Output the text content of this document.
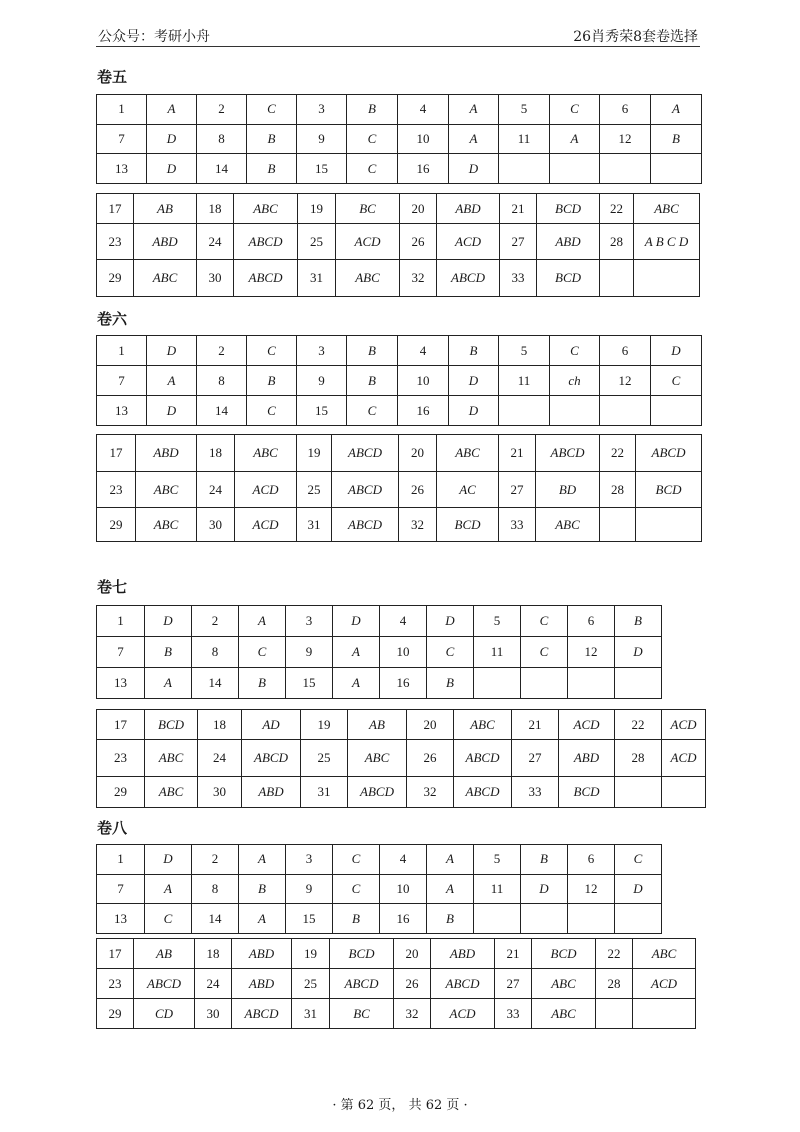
公众号：考研小舟	26肖秀荣8套卷选择
卷五
1	A	2	C	3	B	4	A	5	C	6	A
7	D	8	B	9	C	10	A	11	A	12	B
13	D	14	B	15	C	16	D				
17	AB	18	ABC	19	BC	20	ABD	21	BCD	22	ABC
23	ABD	24	ABCD	25	ACD	26	ACD	27	ABD	28	A B C D
29	ABC	30	ABCD	31	ABC	32	ABCD	33	BCD		
卷六
1	D	2	C	3	B	4	B	5	C	6	D
7	A	8	B	9	B	10	D	11	ch	12	C
13	D	14	C	15	C	16	D				
17	ABD	18	ABC	19	ABCD	20	ABC	21	ABCD	22	ABCD
23	ABC	24	ACD	25	ABCD	26	AC	27	BD	28	BCD
29	ABC	30	ACD	31	ABCD	32	BCD	33	ABC		
卷七
1	D	2	A	3	D	4	D	5	C	6	B
7	B	8	C	9	A	10	C	11	C	12	D
13	A	14	B	15	A	16	B				
17	BCD	18	AD	19	AB	20	ABC	21	ACD	22	ACD
23	ABC	24	ABCD	25	ABC	26	ABCD	27	ABD	28	ACD
29	ABC	30	ABD	31	ABCD	32	ABCD	33	BCD		
卷八
1	D	2	A	3	C	4	A	5	B	6	C
7	A	8	B	9	C	10	A	11	D	12	D
13	C	14	A	15	B	16	B				
17	AB	18	ABD	19	BCD	20	ABD	21	BCD	22	ABC
23	ABCD	24	ABD	25	ABCD	26	ABCD	27	ABC	28	ACD
29	CD	30	ABCD	31	BC	32	ACD	33	ABC		
· 第 62 页， 共 62 页 ·
